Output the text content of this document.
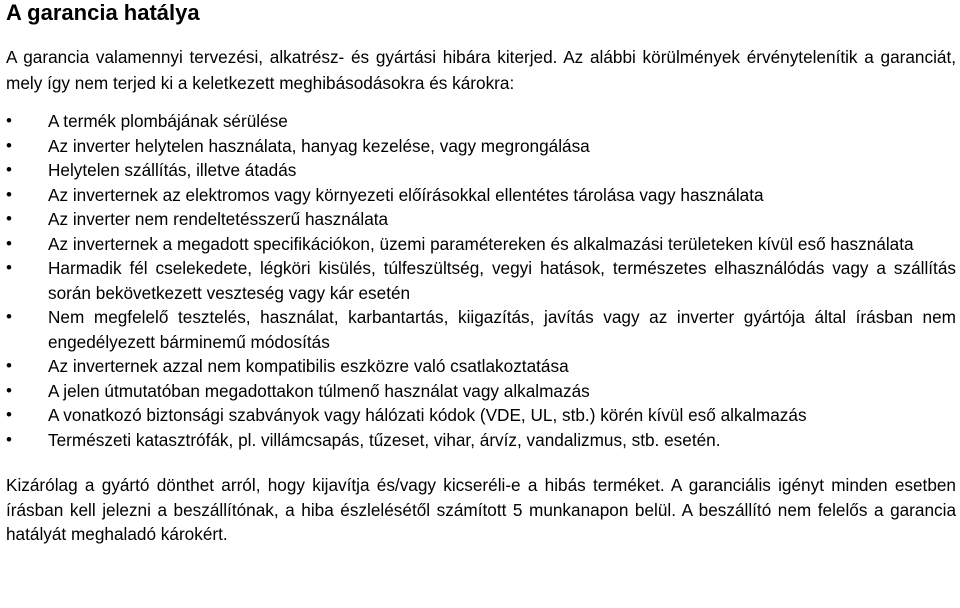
A garancia hatálya

A garancia valamennyi tervezési, alkatrész- és gyártási hibára kiterjed. Az alábbi körülmények érvénytelenítik a garanciát, mely így nem terjed ki a keletkezett meghibásodásokra és károkra:

•	A termék plombájának sérülése
•	Az inverter helytelen használata, hanyag kezelése, vagy megrongálása
•	Helytelen szállítás, illetve átadás
•	Az inverternek az elektromos vagy környezeti előírásokkal ellentétes tárolása vagy használata
•	Az inverter nem rendeltetésszerű használata
•	Az inverternek a megadott specifikációkon, üzemi paramétereken és alkalmazási területeken kívül eső használata
•	Harmadik fél cselekedete, légköri kisülés, túlfeszültség, vegyi hatások, természetes elhasználódás vagy a szállítás során bekövetkezett veszteség vagy kár esetén
•	Nem megfelelő tesztelés, használat, karbantartás, kiigazítás, javítás vagy az inverter gyártója által írásban nem engedélyezett bárminemű módosítás
•	Az inverternek azzal nem kompatibilis eszközre való csatlakoztatása
•	A jelen útmutatóban megadottakon túlmenő használat vagy alkalmazás
•	A vonatkozó biztonsági szabványok vagy hálózati kódok (VDE, UL, stb.) körén kívül eső alkalmazás
•	Természeti katasztrófák, pl. villámcsapás, tűzeset, vihar, árvíz, vandalizmus, stb. esetén.

Kizárólag a gyártó dönthet arról, hogy kijavítja és/vagy kicseréli-e a hibás terméket. A garanciális igényt minden esetben írásban kell jelezni a beszállítónak, a hiba észlelésétől számított 5 munkanapon belül. A beszállító nem felelős a garancia hatályát meghaladó károkért.
